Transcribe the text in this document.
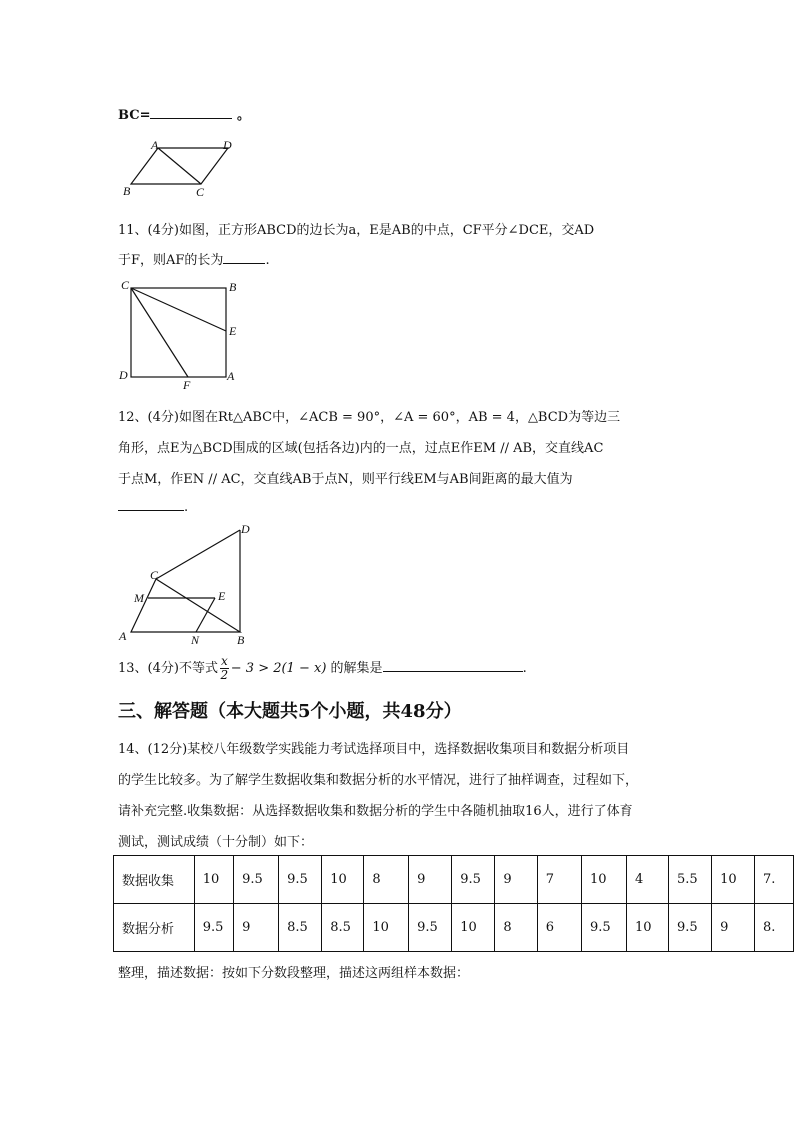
BC=	。
A	D
B	C
11、(4分)如图，正方形ABCD的边长为a，E是AB的中点，CF平分∠DCE，交AD
于F，则AF的长为	.
C	B
E
D
F
A
12、(4分)如图在Rt△ABC中，∠ACB = 90°，∠A = 60°，AB = 4，△BCD为等边三
角形，点E为△BCD围成的区域(包括各边)内的一点，过点E作EM // AB，交直线AC
于点M，作EN // AC，交直线AB于点N，则平行线EM与AB间距离的最大值为
.
D
C
M	E
A	N	B
13、(4分)不等式 $\frac{x}{2} - 3 > 2(1 - x)$ 的解集是	.
三、解答题（本大题共5个小题，共48分）
14、(12分)某校八年级数学实践能力考试选择项目中，选择数据收集项目和数据分析项目
的学生比较多。为了解学生数据收集和数据分析的水平情况，进行了抽样调查，过程如下，
请补充完整.收集数据：从选择数据收集和数据分析的学生中各随机抽取16人，进行了体育
测试，测试成绩（十分制）如下：
数据收集	10	9.5	9.5	10	8	9	9.5	9	7	10	4	5.5	10	7.
数据分析	9.5	9	8.5	8.5	10	9.5	10	8	6	9.5	10	9.5	9	8.
整理，描述数据：按如下分数段整理，描述这两组样本数据：
